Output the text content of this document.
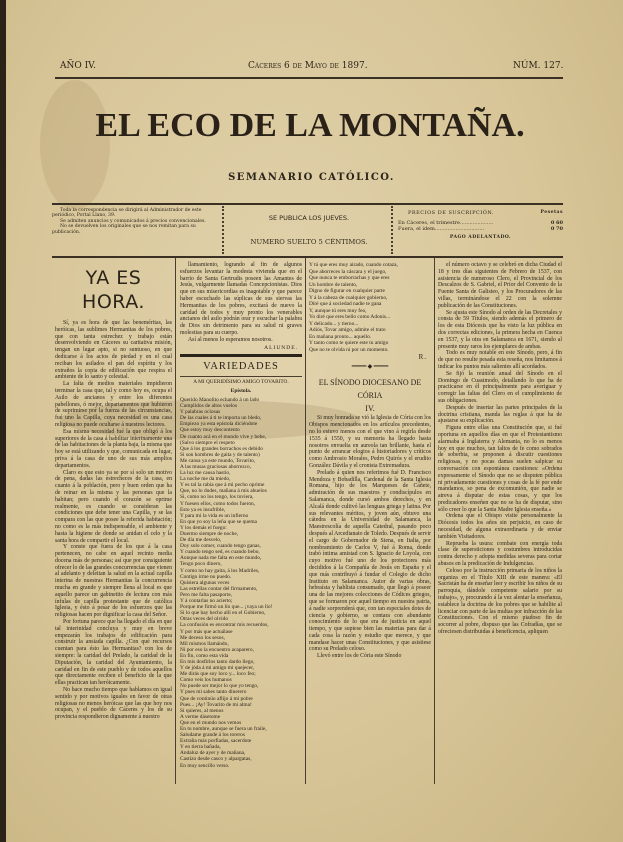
AÑO IV.	Cáceres 6 de Mayo de 1897.	NÚM. 127.
EL ECO DE LA MONTAÑA.
SEMANARIO CATÓLICO.
Toda la correspondencia se dirigirá al Administrador de este periódico, Portal Llano, 39.
Se admiten anuncios y comunicados á precios convencionales.
No se devuelven los originales que se nos remitan para su publicación.
SE PUBLICA LOS JUEVES.
NUMERO SUELTO 5 CÉNTIMOS.
PRECIOS DE SUSCRIPCIÓN.	Pesetas
En Cáceres, el trimestre.....................	0 60
Fuera, el idem...............................	0 70
PAGO ADELANTADO.
YA ES HORA.

Sí, ya es hora de que las beneméritas, las heróicas, las sublimes Hermanitas de los pobres, que con tanta estrechez y trabajo están desenvolviendo en Cáceres su caritativa misión, tengan un lugar apto, si no suntuoso, en que dedicarse á los actos de piedad y en el cual reciban los asilados el pan del espíritu y los extraños la copia de edificación que respira el ambiente de lo santo y celestial.

La falta de medios materiales impidieron terminar la casa que, tal y como hoy es, ocupa el Asilo de ancianos y entre los diferentes pabellones, ó mejor, departamentos que hubieron de suprimirse por la fuerza de las circunstancias, fué uno la Capilla, cuya necesidad es una casa religiosa no puede ocultarse á nuestros lectores.

Esa misma necesidad fué la que obligó á los superiores de la casa á habilitar interinamente una de las habitaciones de la planta baja, la misma que hoy se está utilizando y que, comunicada en lugar, priva á la casa de uno de sus más amplios departamentos.

Claro es que esto ya se por sí solo un motivo de pena, dadas las estrecheces de la casa, en cuanto á la población, pero y buen orden que ha de reinar en la misma y las personas que la habitan; pero cuando el corazón se oprime realmente, es cuando se consideran las condiciones que debe tener una Capilla, y se las compara con las que posee la referida habitación; no como es la más indispensable, el ambiente y hasta la higiene de donde se anidan el celo y la santa hora de compartir el local.

Y conste que fuera de los que á la casa pertenecen, no cabe en aquel recinto media docena más de personas; así que por consiguiente ofrecer lo de las grandes concurrencias que vienen al adelanto y deleitan la salud en la actual capilla interina de nuestras Hermanitas la concurrencia mucha en grande y siempre llena al local es que aquello parece un gabinetito de lectura con más ínfulas de capilla protestante que de católica Iglesia, y ésto á pesar de los esfuerzos que las religiosas hacen por dignificar la casa del Señor.

Por fortuna parece que ha llegado el día en que tal interinidad concluya y muy en breve empezarán los trabajos de edificación para construir la ansiada capilla. ¿Con qué recursos cuentan para ésto las Hermanitas? con los de siempre: la caridad del Prelado, la caridad de la Diputación, la caridad del Ayuntamiento, la caridad en fin de este pueblo y de todos aquellos que directamente reciben el beneficio de la que ellas practican tan heróicamente.

No hace mucho tiempo que hablamos en igual sentido y por motivos iguales en favor de otras religiosas no menos heróicas que las que hoy nos ocupan, y el pueblo de Cáceres y los de su provincia respondieron dignamente á nuestro

llamamiento, logrando al fin de algunos esfuerzos levantar la modesta vivienda que en el barrio de Santa Gertrudis poseen las Amantes de Jesús, vulgarmente llamadas Concepcionistas. Dios que en sus misericordias es inagotable y que parece haber escuchado las súplicas de sus siervas las Hermanitas de los pobres, excitará de nuevo la caridad de todos y muy pronto los venerables ancianos del asilo podrán orar y escuchar la palabra de Dios sin detrimento para su salud ni graves molestias para su cuerpo.

Así al menos lo esperamos nosotros.

ALIUNDE.

VARIEDADES
A MI QUERIDÍSIMO AMIGO TOVARITO.
Epístola.

Querido Manolito echando á un lado

Cumplidos de altos vuelos

Y palabras ociosas

De las cuales á ti te importa un bledo,

Empiezo ya esta epístola diciéndote

Que estoy muy descontento

De cuanto acá en el mundo vive y bebe,

(Salvo siempre el respeto

Que á los grandes borrachos es debido

Si son hombres de gaita y de talento)

Me cansa ya este mundo, Tovarito,

A las musas graciosas aborrezco,

La luz me causa hastío,

La noche me da miedo,

Y es tal la rabia que á mi pecho oprime

Que, no lo dudes, mañana á mis abuelos

Si, como no los tengo, los tuviera,

Y fuesen ellos, como todos fueron,

Esto ya es insufrible,

Y para mi la vida es un infierno

En que yo soy la leña que se quema

Y los demás el fuego:

Duermo siempre de noche,

De día me desvelo,

Doy solo comer, cuando tengo ganas,

Y cuando tengo sed, es cuando bebo,

Aunque nada me falta en este mundo,

Tengo poco dinero,

Y como no hay gaita, á los Madriles,

Contigo irme no puedo.

Quisiera algunas veces

Las estrellas contar del firmamento,

Pero me falta pasaporte,

Y á contarlas no acierto;

Porque me firmó un lío que... ¡vaya un lío!

Si lo que hay hecho allí en el Gobierno,

Otras veces del olvido

La confusión es encontrar mis recuerdos,

Y por más que actuálase

Me deceso los sesos,

Mil mismos llamándo,

Ni por eso la encuentro acaparero,

En fin, como esta vida

En mis dosfirlos tanto dardo llego,

Y de jóda á mi amigo mi quejecer,

Me dirás que soy loco y... loco feo;

Como veis los humanos

No puede ser mejor lo que yo tengo,

Y pues mi sabes tanto dinerero

Que de continúo aflijo á mi pobre

Pues... ¡Ay! Tovarito de mi alma!

Si quieres, al menos

A verme dásetome

Que en el mundo nos vemos

En tu nombre, aunque se fuera un fraile,

Saludame grande á los toreros

Extraña más porfiadas, sacerdote

Y en tierra bañada,

Andaluz de ayer y de mañana,

Castizo desde casco y alpargatas,

En muy sencillo verso.

Y tú que eres muy airado, cuando cotaza,

Que aborreces la cáscara y el juego,

Que nunca te emborrachas y que eres

Un hombre de talento,

Digno de figurar en cualquier parte

Y á la cabeza de cualquier gobierno,

Díré que á sociedad nadie te gana

Y, aunque tú eres muy feo,

Yo diré que eres bello como Adonis...

Y delicado... y tierno...

Adiós, Tovar amigo, admite el trato

En mañana pronto... aquello.

Y tanto como te quiere este tu amigo

Que no te olvida ni por un momento.

R.

━━━━ ◆ ━━━━
EL SÍNODO DIOCESANO DE CÓRIA
IV.

Si muy honrada se vió la Iglesia de Cória con los Obispos mencionados en los artículos precedentes, no lo estuvo menos con el que vino á regirla desde 1535 á 1550, y su memoria ha llegado hasta nosotros envuelta en aureola tan brillante, hasta el punto de arrancar elogios á historiadores y críticos como Ambrosio Morales, Pedro Quirós y el erudito González Dávila y el cronista Extremadura.

Prelado á quien nos referimos fué D. Francisco Mendoza y Bobadilla, Cardenal de la Santa Iglesia Romana, hijo de los Marqueses de Cañete, admiración de sus maestros y condiscípulos en Salamanca, donde cursó ambos derechos, y en Alcalá donde cultivó las lenguas griega y latina. Por sus relevantes méritos, y joven aún, obtuvo una cátedra en la Universidad de Salamanca, la Maestrescolía de aquella Catedral, pasando poco después al Arcedianato de Toledo. Después de servir el cargo de Gobernador de Siena, en Italia, por nombramiento de Carlos V, fué á Roma, donde trabó íntima amistad con S. Ignacio de Loyola, con cuyo motivo fué uno de los protectores más decididos á la Compañía de Jesús en España y el que más contribuyó á fundar el Colegio de dicho Instituto en Salamanca. Autor de varias obras, hebraísta y hablista consumado, que llegó á poseer una de las mejores colecciones de Códices griegos, que se formaron por aquel tiempo en nuestra patria, á nadie sorprenderá que, con tan especiales dotes de ciencia y gobierno, se contara con abundante conocimiento de lo que era de justicia en aquel tiempo, y que supiese bien las materias para dar á cada cosa la razón y estudio que merece, y que mandase hacer unas Constituciones, y que asistiese como su Prelado celoso.

Llevó entre los de Cória este Sínodo

el número octavo y se celebró en dicha Ciudad el 18 y tres días siguientes de Febrero de 1537, con asistencia de numeroso Clero, el Provincial de los Descalzos de S. Gabriel, el Prior del Convento de la Fuente Santa de Galisteo, y los Procuradores de las villas, terminándose el 22 con la solemne publicación de las Constituciones.

Se ajusta este Sínodo al orden de las Decretales y consta de 59 Títulos, siendo además el primero de los de esta Diócesis que ha visto la luz pública en dos correctas ediciones, la primera hecha en Cuenca en 1537, y la otra en Salamanca en 1671, siendo al presente muy raros los ejemplares de ambas.

Todo es muy notable en este Sínodo, pero, á fin de que no resulte pesada esta reseña, nos limitamos á indicar los puntos más salientes allí acordados.

Se fijó la reunión anual del Sínodo en el Domingo de Cuasimodo, detallando lo que ha de practicarse en él principalmente para averiguar y corregir las faltas del Clero en el cumplimiento de sus obligaciones.

Después de insertar las partes principales de la doctrina cristiana, manda las reglas á que ha de ajustarse su explicación.

Figura entre ellas una Constitución que, si fué oportuna en aquellos días en que el Protestantismo alarmaba á Inglaterra y Alemania, no lo es menos hoy en que muchos, tan faltos de fe como sobrados de soberbia, se proponen á discutir cuestiones religiosas, y no pocas damas suelen salpicar su conversación con espontánea cuestiones: «Ordena expresamente el Sínodo que no se disputen pública ni privadamente cuestiones y cosas de la fé por ende mandamos, so pena de excomunión, que nadie se atreva á disputar de estas cosas, y que los predicadores enseñen que no se ha de disputar, sino sólo creer lo que la Santa Madre Iglesia enseña.»

Ordena que el Obispo visite personalmente la Diócesis todos los años sin perjuicio, en caso de necesidad, de alguna extraordinaria y de enviar también Visitadores.

Reprueba la usura: combate con energía toda clase de supersticiones y costumbres introducidas contra derecho y adopta medidas severas para cortar abusos en la predicación de Indulgencias.

Celoso por la instrucción primaria de los niños la organiza en el Título XIII de este manera: «El Sacristán ha de enseñar leer y escribir los niños de su parroquia, dándole competente salario por su trabajo», y, procurando á la vez alentar la enseñanza, establece la doctrina de los pobres que se habilite al licenciar con parte de las multas por infracción de las Constituciones. Con el mismo piadoso fin de socorrer al pobre, dispuso que las Cofradías, que se ofreciesen distribuidas á beneficencia, apliquen
